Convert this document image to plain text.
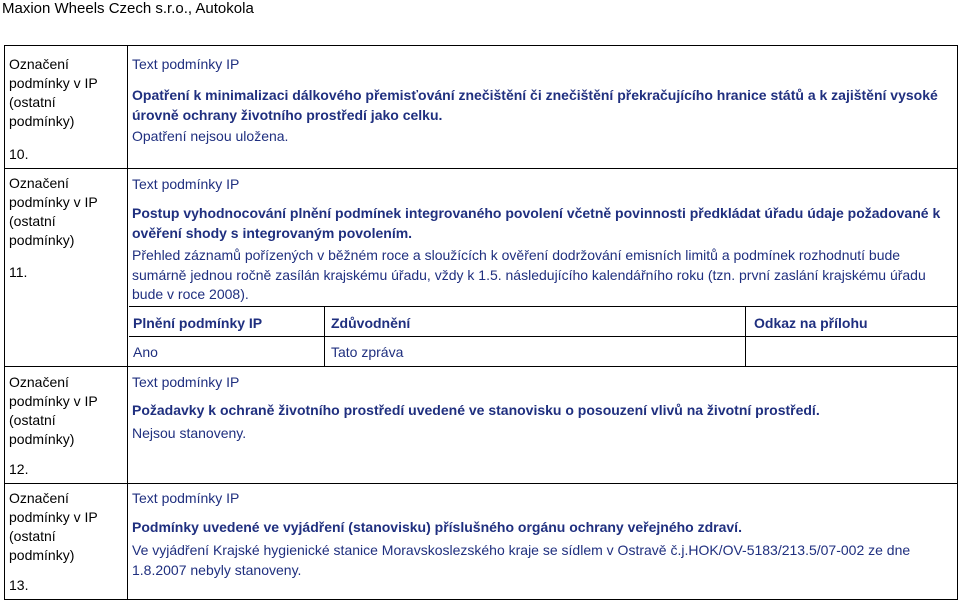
Maxion Wheels Czech s.r.o., Autokola
Označení podmínky v IP (ostatní podmínky)
10.
Text podmínky IP
Opatření k minimalizaci dálkového přemisťování znečištění či znečištění překračujícího hranice států a k zajištění vysoké úrovně ochrany životního prostředí jako celku.
Opatření nejsou uložena.
Označení podmínky v IP (ostatní podmínky)
11.
Text podmínky IP
Postup vyhodnocování plnění podmínek integrovaného povolení včetně povinnosti předkládat úřadu údaje požadované k ověření shody s integrovaným povolením.
Přehled záznamů pořízených v běžném roce a sloužících k ověření dodržování emisních limitů a podmínek rozhodnutí bude sumárně jednou ročně zasílán krajskému úřadu, vždy k 1.5. následujícího kalendářního roku (tzn. první zaslání krajskému úřadu bude v roce 2008).
Plnění podmínky IP	Zdůvodnění	Odkaz na přílohu
Ano	Tato zpráva
Označení podmínky v IP (ostatní podmínky)
12.
Text podmínky IP
Požadavky k ochraně životního prostředí uvedené ve stanovisku o posouzení vlivů na životní prostředí.
Nejsou stanoveny.
Označení podmínky v IP (ostatní podmínky)
13.
Text podmínky IP
Podmínky uvedené ve vyjádření (stanovisku) příslušného orgánu ochrany veřejného zdraví.
Ve vyjádření Krajské hygienické stanice Moravskoslezského kraje se sídlem v Ostravě č.j.HOK/OV-5183/213.5/07-002 ze dne 1.8.2007 nebyly stanoveny.
